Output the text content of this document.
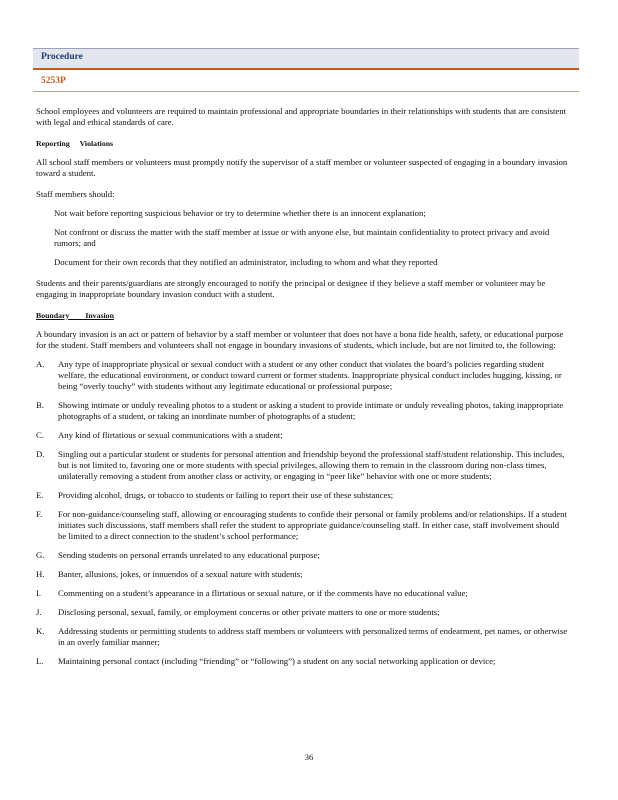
Procedure
5253P

School employees and volunteers are required to maintain professional and appropriate boundaries in their relationships with students that are consistent with legal and ethical standards of care.

Reporting Violations

All school staff members or volunteers must promptly notify the supervisor of a staff member or volunteer suspected of engaging in a boundary invasion toward a student.

Staff members should:

Not wait before reporting suspicious behavior or try to determine whether there is an innocent explanation;
Not confront or discuss the matter with the staff member at issue or with anyone else, but maintain confidentiality to protect privacy and avoid rumors; and
Document for their own records that they notified an administrator, including to whom and what they reported

Students and their parents/guardians are strongly encouraged to notify the principal or designee if they believe a staff member or volunteer may be engaging in inappropriate boundary invasion conduct with a student.

Boundary Invasion

A boundary invasion is an act or pattern of behavior by a staff member or volunteer that does not have a bona fide health, safety, or educational purpose for the student. Staff members and volunteers shall not engage in boundary invasions of students, which include, but are not limited to, the following:

A.	Any type of inappropriate physical or sexual conduct with a student or any other conduct that violates the board’s policies regarding student welfare, the educational environment, or conduct toward current or former students. Inappropriate physical conduct includes hugging, kissing, or being “overly touchy” with students without any legitimate educational or professional purpose;
B.	Showing intimate or unduly revealing photos to a student or asking a student to provide intimate or unduly revealing photos, taking inappropriate photographs of a student, or taking an inordinate number of photographs of a student;
C.	Any kind of flirtatious or sexual communications with a student;
D.	Singling out a particular student or students for personal attention and friendship beyond the professional staff/student relationship. This includes, but is not limited to, favoring one or more students with special privileges, allowing them to remain in the classroom during non-class times, unilaterally removing a student from another class or activity, or engaging in “peer like” behavior with one or more students;
E.	Providing alcohol, drugs, or tobacco to students or failing to report their use of these substances;
F.	For non-guidance/counseling staff, allowing or encouraging students to confide their personal or family problems and/or relationships. If a student initiates such discussions, staff members shall refer the student to appropriate guidance/counseling staff. In either case, staff involvement should be limited to a direct connection to the student’s school performance;
G.	Sending students on personal errands unrelated to any educational purpose;
H.	Banter, allusions, jokes, or innuendos of a sexual nature with students;
I.	Commenting on a student’s appearance in a flirtatious or sexual nature, or if the comments have no educational value;
J.	Disclosing personal, sexual, family, or employment concerns or other private matters to one or more students;
K.	Addressing students or permitting students to address staff members or volunteers with personalized terms of endearment, pet names, or otherwise in an overly familiar manner;
L.	Maintaining personal contact (including “friending” or “following”) a student on any social networking application or device;
36
